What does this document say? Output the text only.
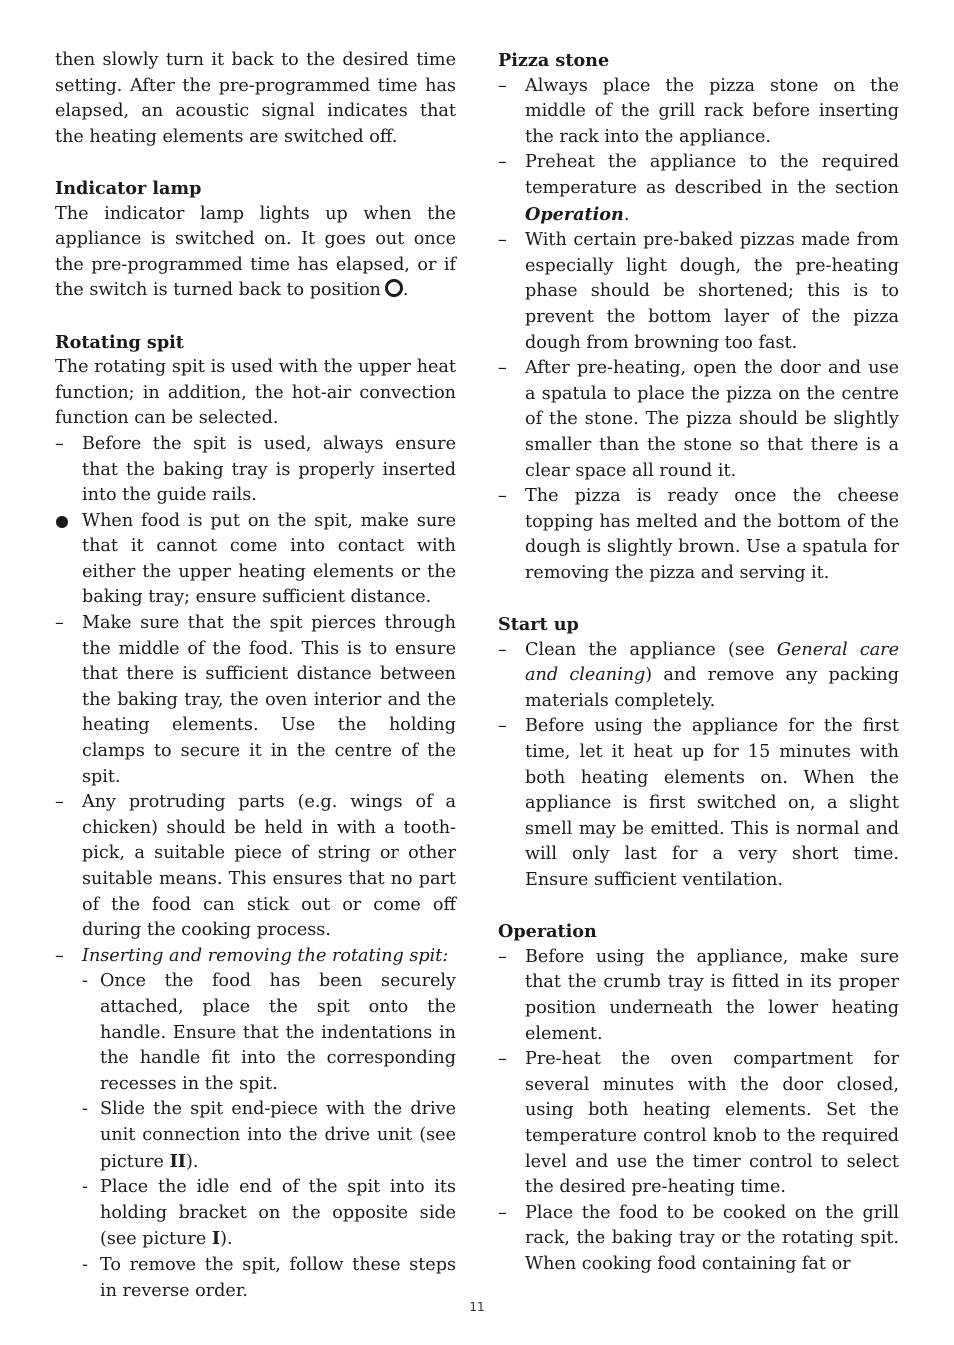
then slowly turn it back to the desired time setting. After the pre-programmed time has elapsed, an acoustic signal indicates that the heating elements are switched off.

Indicator lamp

The indicator lamp lights up when the appliance is switched on. It goes out once the pre-programmed time has elapsed, or if the switch is turned back to position .

Rotating spit

The rotating spit is used with the upper heat function; in addition, the hot-air convection function can be selected.

–	Before the spit is used, always ensure that the baking tray is properly inserted into the guide rails.
When food is put on the spit, make sure that it cannot come into contact with either the upper heating elements or the baking tray; ensure sufficient distance.
–	Make sure that the spit pierces through the middle of the food. This is to ensure that there is sufficient distance between the baking tray, the oven interior and the heating elements. Use the holding clamps to secure it in the centre of the spit.
–	Any protruding parts (e.g. wings of a chicken) should be held in with a tooth-pick, a suitable piece of string or other suitable means. This ensures that no part of the food can stick out or come off during the cooking process.
–	Inserting and removing the rotating spit:
- Once the food has been securely attached, place the spit onto the handle. Ensure that the indentations in the handle fit into the corresponding recesses in the spit.
- Slide the spit end-piece with the drive unit connection into the drive unit (see picture II).
- Place the idle end of the spit into its holding bracket on the opposite side (see picture I).
- To remove the spit, follow these steps in reverse order.

Pizza stone

–	Always place the pizza stone on the middle of the grill rack before inserting the rack into the appliance.
–	Preheat the appliance to the required temperature as described in the section Operation.
–	With certain pre-baked pizzas made from especially light dough, the pre-heating phase should be shortened; this is to prevent the bottom layer of the pizza dough from browning too fast.
–	After pre-heating, open the door and use a spatula to place the pizza on the centre of the stone. The pizza should be slightly smaller than the stone so that there is a clear space all round it.
–	The pizza is ready once the cheese topping has melted and the bottom of the dough is slightly brown. Use a spatula for removing the pizza and serving it.

Start up

–	Clean the appliance (see General care and cleaning) and remove any packing materials completely.
–	Before using the appliance for the first time, let it heat up for 15 minutes with both heating elements on. When the appliance is first switched on, a slight smell may be emitted. This is normal and will only last for a very short time. Ensure sufficient ventilation.

Operation

–	Before using the appliance, make sure that the crumb tray is fitted in its proper position underneath the lower heating element.
–	Pre-heat the oven compartment for several minutes with the door closed, using both heating elements. Set the temperature control knob to the required level and use the timer control to select the desired pre-heating time.
–	Place the food to be cooked on the grill rack, the baking tray or the rotating spit. When cooking food containing fat or
11
